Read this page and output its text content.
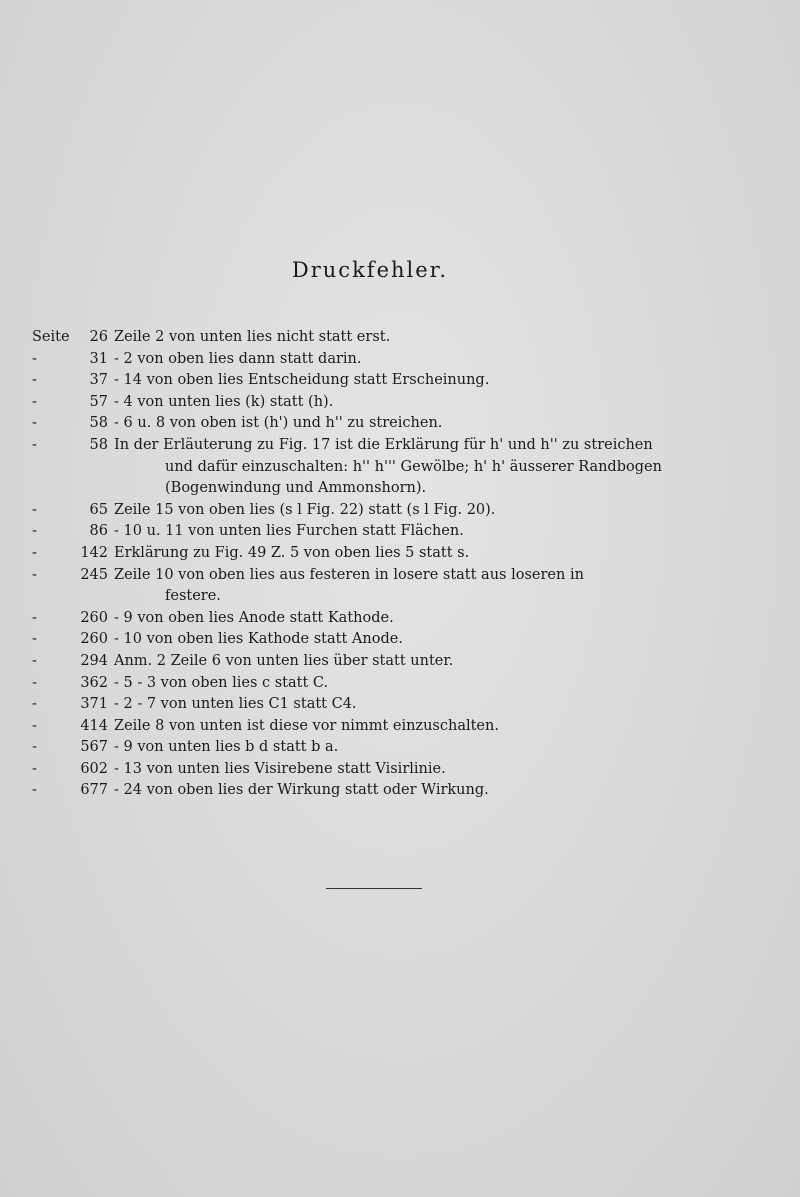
Druckfehler.
Seite	26 Zeile 2 von unten lies nicht statt erst.
-	31 - 2 von oben lies dann statt darin.
-	37 - 14 von oben lies Entscheidung statt Erscheinung.
-	57 - 4 von unten lies (k) statt (h).
-	58 - 6 u. 8 von oben ist (h') und h'' zu streichen.
-	58 In der Erläuterung zu Fig. 17 ist die Erklärung für h' und h'' zu streichen
und dafür einzuschalten: h'' h''' Gewölbe; h' h' äusserer Randbogen
(Bogenwindung und Ammonshorn).
-	65 Zeile 15 von oben lies (s l Fig. 22) statt (s l Fig. 20).
-	86 - 10 u. 11 von unten lies Furchen statt Flächen.
-	142 Erklärung zu Fig. 49 Z. 5 von oben lies 5 statt s.
-	245 Zeile 10 von oben lies aus festeren in losere statt aus loseren in
festere.
-	260 - 9 von oben lies Anode statt Kathode.
-	260 - 10 von oben lies Kathode statt Anode.
-	294 Anm. 2 Zeile 6 von unten lies über statt unter.
-	362 - 5 - 3 von oben lies c statt C.
-	371 - 2 - 7 von unten lies C1 statt C4.
-	414 Zeile 8 von unten ist diese vor nimmt einzuschalten.
-	567 - 9 von unten lies b d statt b a.
-	602 - 13 von unten lies Visirebene statt Visirlinie.
-	677 - 24 von oben lies der Wirkung statt oder Wirkung.
